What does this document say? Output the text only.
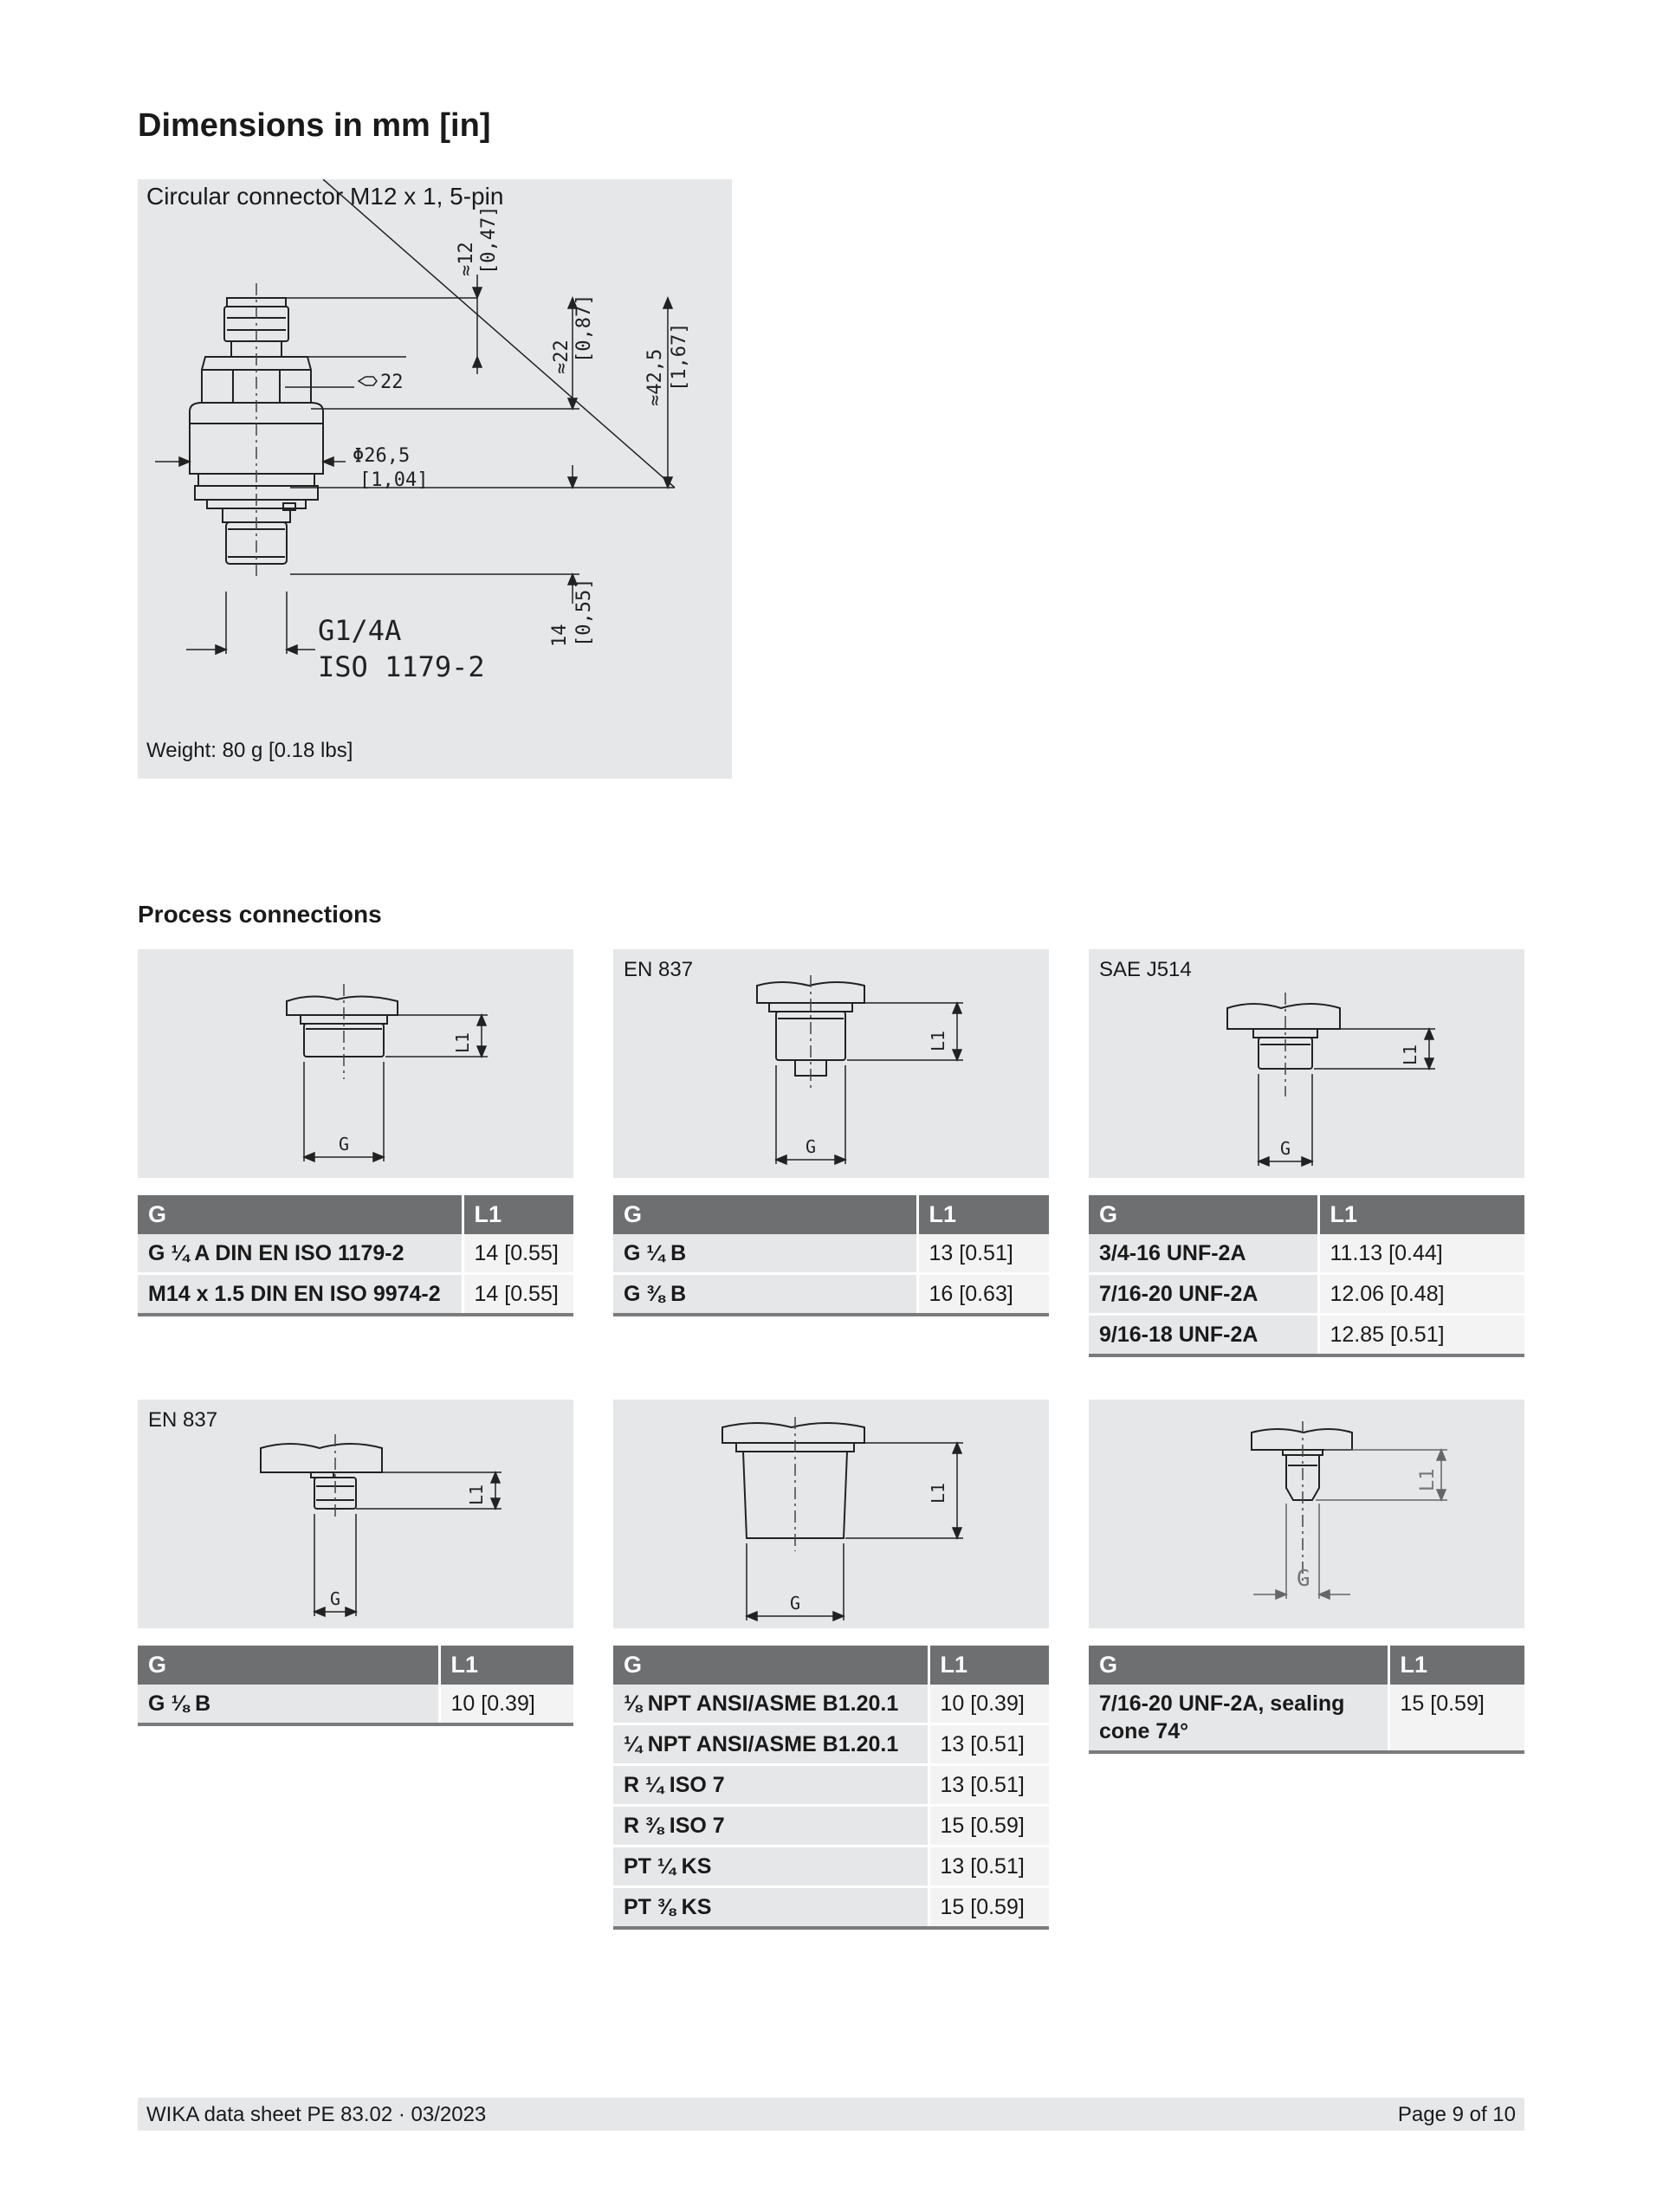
Dimensions in mm [in]
Circular connector M12 x 1, 5-pin
≈12 [0,47]
≈22 [0,87]
≈42,5 [1,67]
14 [0,55]
Φ26,5
[1,04]
22
G1/4A
ISO 1179-2
Weight: 80 g [0.18 lbs]
Process connections
L1
G
EN 837
L1
G
SAE J514
L1
G
G	L1
G ¼ A DIN EN ISO 1179-2	14 [0.55]
M14 x 1.5 DIN EN ISO 9974-2	14 [0.55]
G	L1
G ¼ B	13 [0.51]
G ⅜ B	16 [0.63]
G	L1
3/4-16 UNF-2A	11.13 [0.44]
7/16-20 UNF-2A	12.06 [0.48]
9/16-18 UNF-2A	12.85 [0.51]
EN 837
L1
G
L1
G
L1
G
G	L1
G ⅛ B	10 [0.39]
G	L1
⅛ NPT ANSI/ASME B1.20.1	10 [0.39]
¼ NPT ANSI/ASME B1.20.1	13 [0.51]
R ¼ ISO 7	13 [0.51]
R ⅜ ISO 7	15 [0.59]
PT ¼ KS	13 [0.51]
PT ⅜ KS	15 [0.59]
G	L1
7/16-20 UNF-2A, sealing cone 74°	15 [0.59]
WIKA data sheet PE 83.02 · 03/2023	Page 9 of 10
